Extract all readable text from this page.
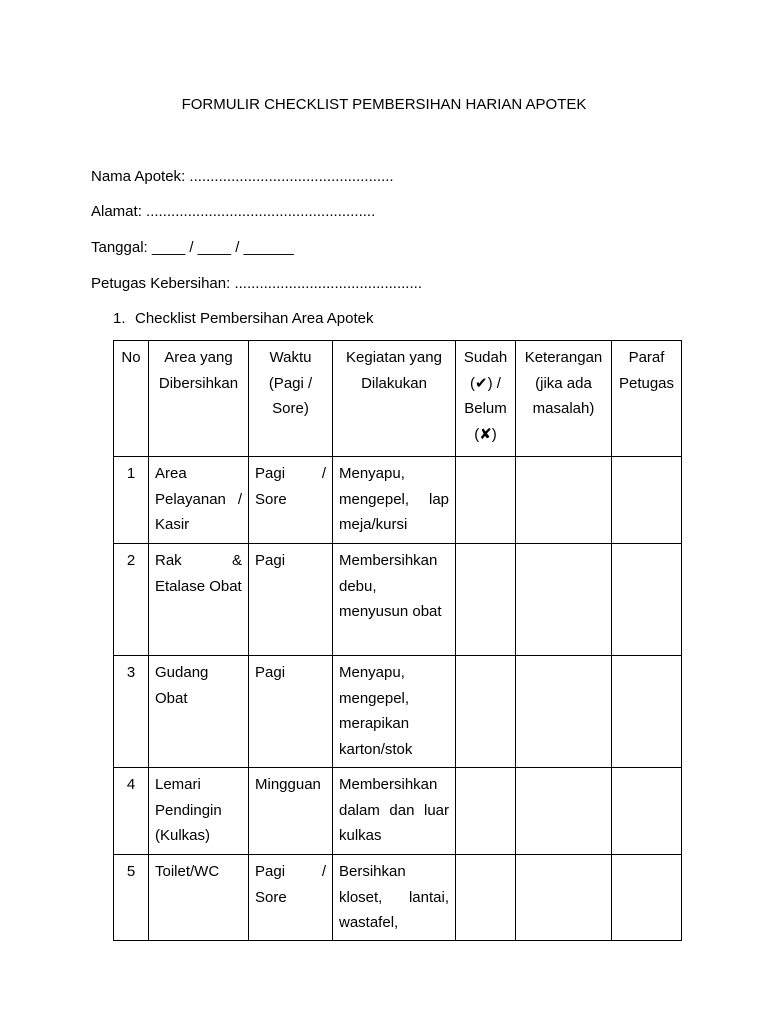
FORMULIR CHECKLIST PEMBERSIHAN HARIAN APOTEK
Nama Apotek: .................................................
Alamat: .......................................................
Tanggal: ____ / ____ / ______
Petugas Kebersihan: .............................................
1. Checklist Pembersihan Area Apotek
No	Area yang Dibersihkan	Waktu (Pagi / Sore)	Kegiatan yang Dilakukan	Sudah (✔) / Belum (✘)	Keterangan (jika ada masalah)	Paraf Petugas
1	Area Pelayanan / Kasir	Pagi / Sore	Menyapu, mengepel, lap meja/kursi			
2	Rak & Etalase Obat	Pagi	Membersihkan debu, menyusun obat			
3	Gudang Obat	Pagi	Menyapu, mengepel, merapikan karton/stok			
4	Lemari Pendingin (Kulkas)	Mingguan	Membersihkan dalam dan luar kulkas			
5	Toilet/WC	Pagi / Sore	Bersihkan kloset, lantai, wastafel,			
